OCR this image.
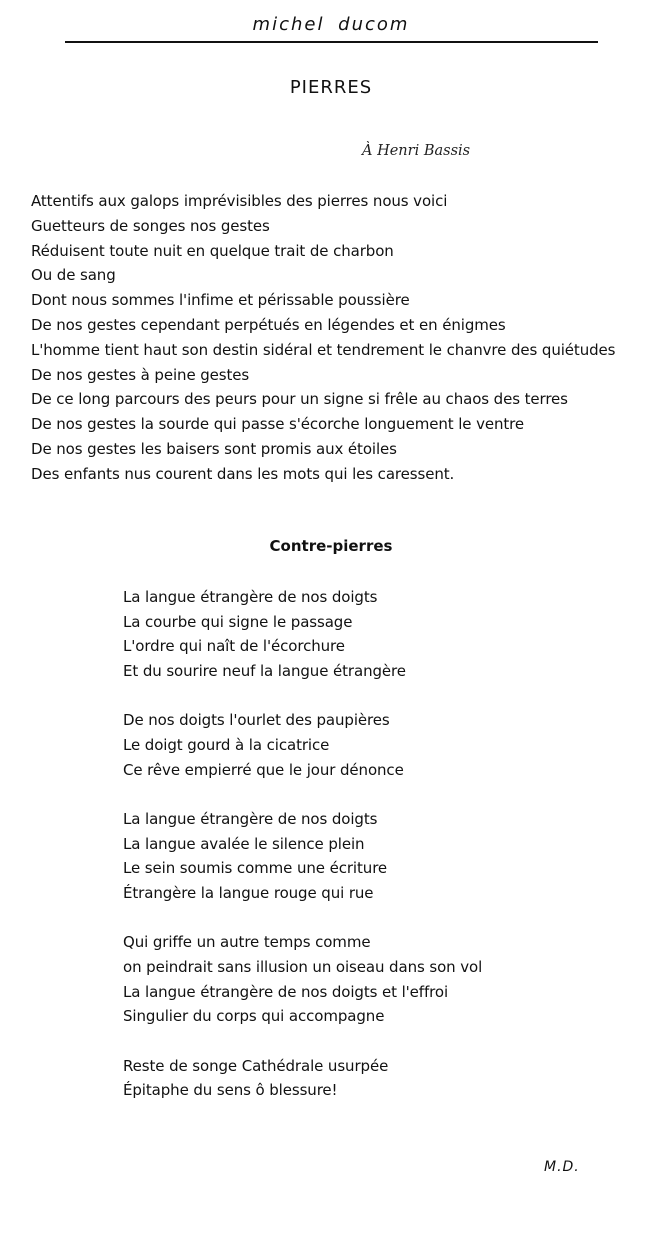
michel ducom
PIERRES
À Henri Bassis
Attentifs aux galops imprévisibles des pierres nous voici
Guetteurs de songes nos gestes
Réduisent toute nuit en quelque trait de charbon
Ou de sang
Dont nous sommes l'infime et périssable poussière
De nos gestes cependant perpétués en légendes et en énigmes
L'homme tient haut son destin sidéral et tendrement le chanvre des quiétudes
De nos gestes à peine gestes
De ce long parcours des peurs pour un signe si frêle au chaos des terres
De nos gestes la sourde qui passe s'écorche longuement le ventre
De nos gestes les baisers sont promis aux étoiles
Des enfants nus courent dans les mots qui les caressent.
Contre-pierres
La langue étrangère de nos doigts
La courbe qui signe le passage
L'ordre qui naît de l'écorchure
Et du sourire neuf la langue étrangère
De nos doigts l'ourlet des paupières
Le doigt gourd à la cicatrice
Ce rêve empierré que le jour dénonce
La langue étrangère de nos doigts
La langue avalée le silence plein
Le sein soumis comme une écriture
Étrangère la langue rouge qui rue
Qui griffe un autre temps comme
on peindrait sans illusion un oiseau dans son vol
La langue étrangère de nos doigts et l'effroi
Singulier du corps qui accompagne
Reste de songe Cathédrale usurpée
Épitaphe du sens ô blessure!
M.D.
